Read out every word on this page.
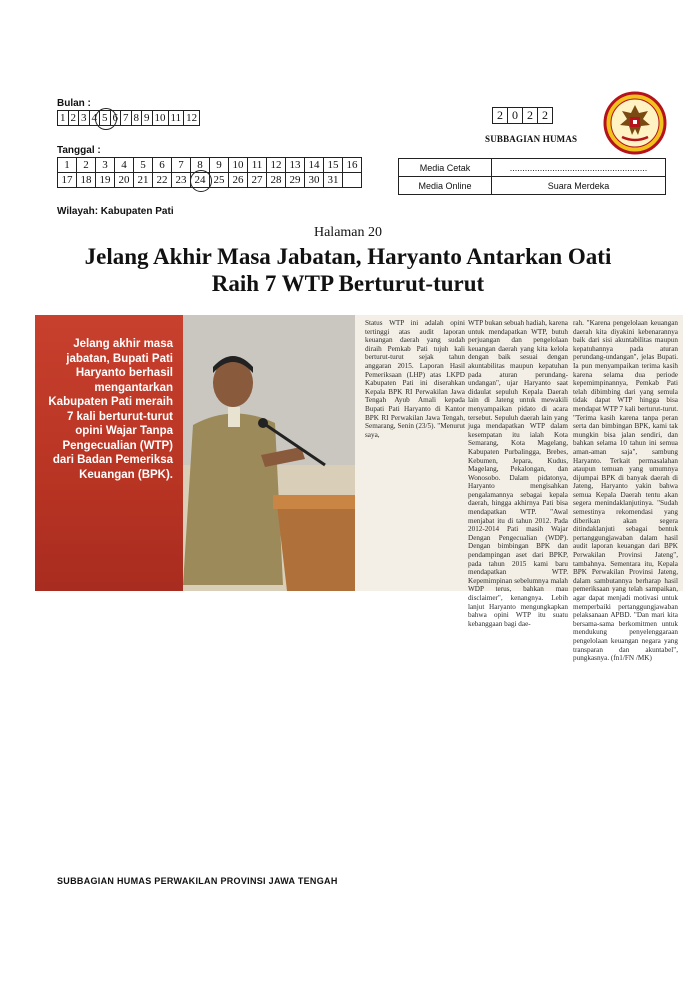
Bulan :
1	2	3	4	5	6	7	8	9	10	11	12
Tanggal :
1	2	3	4	5	6	7	8	9	10	11	12	13	14	15	16
17	18	19	20	21	22	23	24	25	26	27	28	29	30	31	
Wilayah: Kabupaten Pati
2	0	2	2
SUBBAGIAN HUMAS
Media Cetak	.......................................................
Media Online	Suara Merdeka
Halaman 20
Jelang Akhir Masa Jabatan, Haryanto Antarkan Oati
Raih 7 WTP Berturut-turut
Jelang akhir masa jabatan, Bupati Pati Haryanto berhasil mengantarkan Kabupaten Pati meraih 7 kali berturut-turut opini Wajar Tanpa Pengecualian (WTP) dari Badan Pemeriksa Keuangan (BPK).
Status WTP ini adalah opini tertinggi atas audit laporan keuangan daerah yang sudah diraih Pemkab Pati tujuh kali berturut-turut sejak tahun anggaran 2015. Laporan Hasil Pemeriksaan (LHP) atas LKPD Kabupaten Pati ini diserahkan Kepala BPK RI Perwakilan Jawa Tengah Ayub Amali kepada Bupati Pati Haryanto di Kantor BPK RI Perwakilan Jawa Tengah, Semarang, Senin (23/5). "Menurut saya,
WTP bukan sebuah hadiah, karena untuk mendapatkan WTP, butuh perjuangan dan pengelolaan keuangan daerah yang kita kelola dengan baik sesuai dengan akuntabilitas maupun kepatuhan pada aturan perundang-undangan", ujar Haryanto saat didaulat sepuluh Kepala Daerah lain di Jateng untuk mewakili menyampaikan pidato di acara tersebut. Sepuluh daerah lain yang juga mendapatkan WTP dalam kesempatan itu ialah Kota Semarang, Kota Magelang, Kabupaten Purbalingga, Brebes, Kebumen, Jepara, Kudus, Magelang, Pekalongan, dan Wonosobo. Dalam pidatonya, Haryanto mengisahkan pengalamannya sebagai kepala daerah, hingga akhirnya Pati bisa mendapatkan WTP. "Awal menjabat itu di tahun 2012. Pada 2012-2014 Pati masih Wajar Dengan Pengecualian (WDP). Dengan bimbingan BPK dan pendampingan aset dari BPKP, pada tahun 2015 kami baru mendapatkan WTP. Kepemimpinan sebelumnya malah WDP terus, bahkan mau disclaimer", kenangnya. Lebih lanjut Haryanto mengungkapkan bahwa opini WTP itu suatu kebanggaan bagi dae-
rah. "Karena pengelolaan keuangan daerah kita diyakini kebenarannya baik dari sisi akuntabilitas maupun kepatuhannya pada aturan perundang-undangan", jelas Bupati. Ia pun menyampaikan terima kasih karena selama dua periode kepemimpinannya, Pemkab Pati telah dibimbing dari yang semula tidak dapat WTP hingga bisa mendapat WTP 7 kali berturut-turut. "Terima kasih karena tanpa peran serta dan bimbingan BPK, kami tak mungkin bisa jalan sendiri, dan bahkan selama 10 tahun ini semua aman-aman saja", sambung Haryanto. Terkait permasalahan ataupun temuan yang umumnya dijumpai BPK di banyak daerah di Jateng, Haryanto yakin bahwa semua Kepala Daerah tentu akan segera menindaklanjutinya. "Sudah semestinya rekomendasi yang diberikan akan segera ditindaklanjuti sebagai bentuk pertanggungjawaban dalam hasil audit laporan keuangan dari BPK Perwakilan Provinsi Jateng", tambahnya. Sementara itu, Kepala BPK Perwakilan Provinsi Jateng, dalam sambutannya berharap hasil pemeriksaan yang telah sampaikan, agar dapat menjadi motivasi untuk memperbaiki pertanggungjawaban pelaksanaan APBD. "Dan mari kita bersama-sama berkomitmen untuk mendukung penyelenggaraan pengelolaan keuangan negara yang transparan dan akuntabel", pungkasnya. (fn1/FN /MK)
SUBBAGIAN HUMAS PERWAKILAN PROVINSI JAWA TENGAH
